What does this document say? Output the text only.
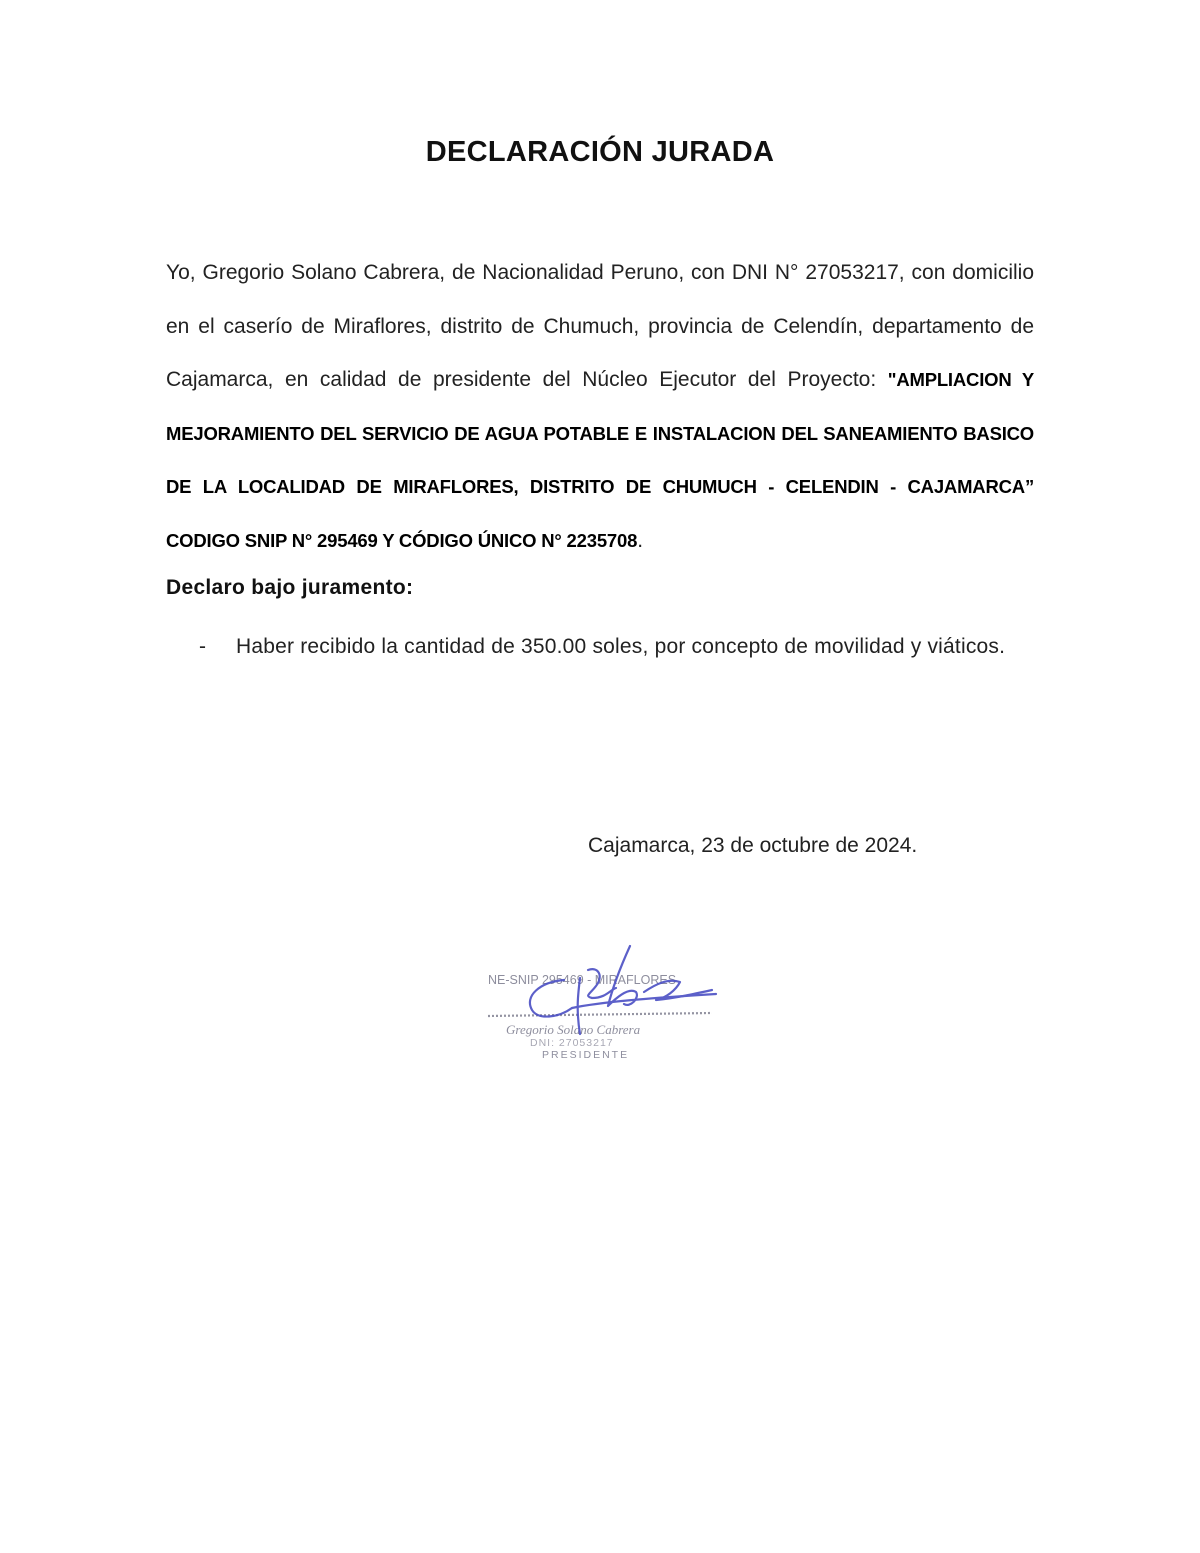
DECLARACIÓN JURADA
Yo, Gregorio Solano Cabrera, de Nacionalidad Peruno, con DNI N° 27053217, con domicilio en el caserío de Miraflores, distrito de Chumuch, provincia de Celendín, departamento de Cajamarca, en calidad de presidente del Núcleo Ejecutor del Proyecto: "AMPLIACION Y MEJORAMIENTO DEL SERVICIO DE AGUA POTABLE E INSTALACION DEL SANEAMIENTO BASICO DE LA LOCALIDAD DE MIRAFLORES, DISTRITO DE CHUMUCH - CELENDIN - CAJAMARCA” CODIGO SNIP N° 295469 Y CÓDIGO ÚNICO N° 2235708.
Declaro bajo juramento:
- Haber recibido la cantidad de 350.00 soles, por concepto de movilidad y viáticos.
Cajamarca, 23 de octubre de 2024.
NE-SNIP 295469 - MIRAFLORES
Gregorio Solano Cabrera
DNI: 27053217
PRESIDENTE
